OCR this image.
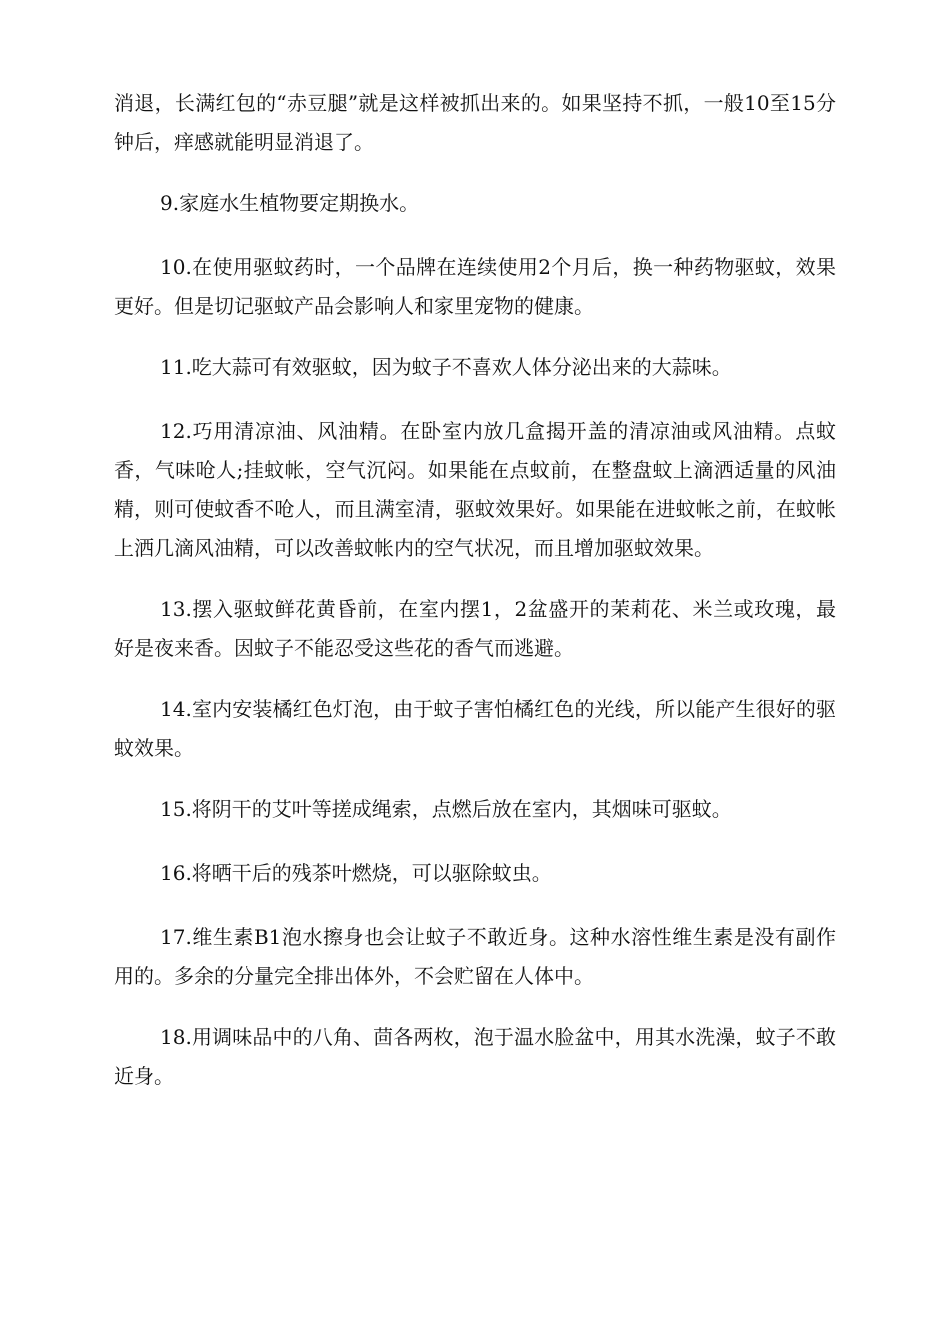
消退，长满红包的“赤豆腿”就是这样被抓出来的。如果坚持不抓，一般10至15分钟后，痒感就能明显消退了。

9.家庭水生植物要定期换水。

10.在使用驱蚊药时，一个品牌在连续使用2个月后，换一种药物驱蚊，效果更好。但是切记驱蚊产品会影响人和家里宠物的健康。

11.吃大蒜可有效驱蚊，因为蚊子不喜欢人体分泌出来的大蒜味。

12.巧用清凉油、风油精。在卧室内放几盒揭开盖的清凉油或风油精。点蚊香，气味呛人;挂蚊帐，空气沉闷。如果能在点蚊前，在整盘蚊上滴洒适量的风油精，则可使蚊香不呛人，而且满室清，驱蚊效果好。如果能在进蚊帐之前，在蚊帐上洒几滴风油精，可以改善蚊帐内的空气状况，而且增加驱蚊效果。

13.摆入驱蚊鲜花黄昏前，在室内摆1，2盆盛开的茉莉花、米兰或玫瑰，最好是夜来香。因蚊子不能忍受这些花的香气而逃避。

14.室内安装橘红色灯泡，由于蚊子害怕橘红色的光线，所以能产生很好的驱蚊效果。

15.将阴干的艾叶等搓成绳索，点燃后放在室内，其烟味可驱蚊。

16.将晒干后的残茶叶燃烧，可以驱除蚊虫。

17.维生素B1泡水擦身也会让蚊子不敢近身。这种水溶性维生素是没有副作用的。多余的分量完全排出体外，不会贮留在人体中。

18.用调味品中的八角、茴各两枚，泡于温水脸盆中，用其水洗澡，蚊子不敢近身。
